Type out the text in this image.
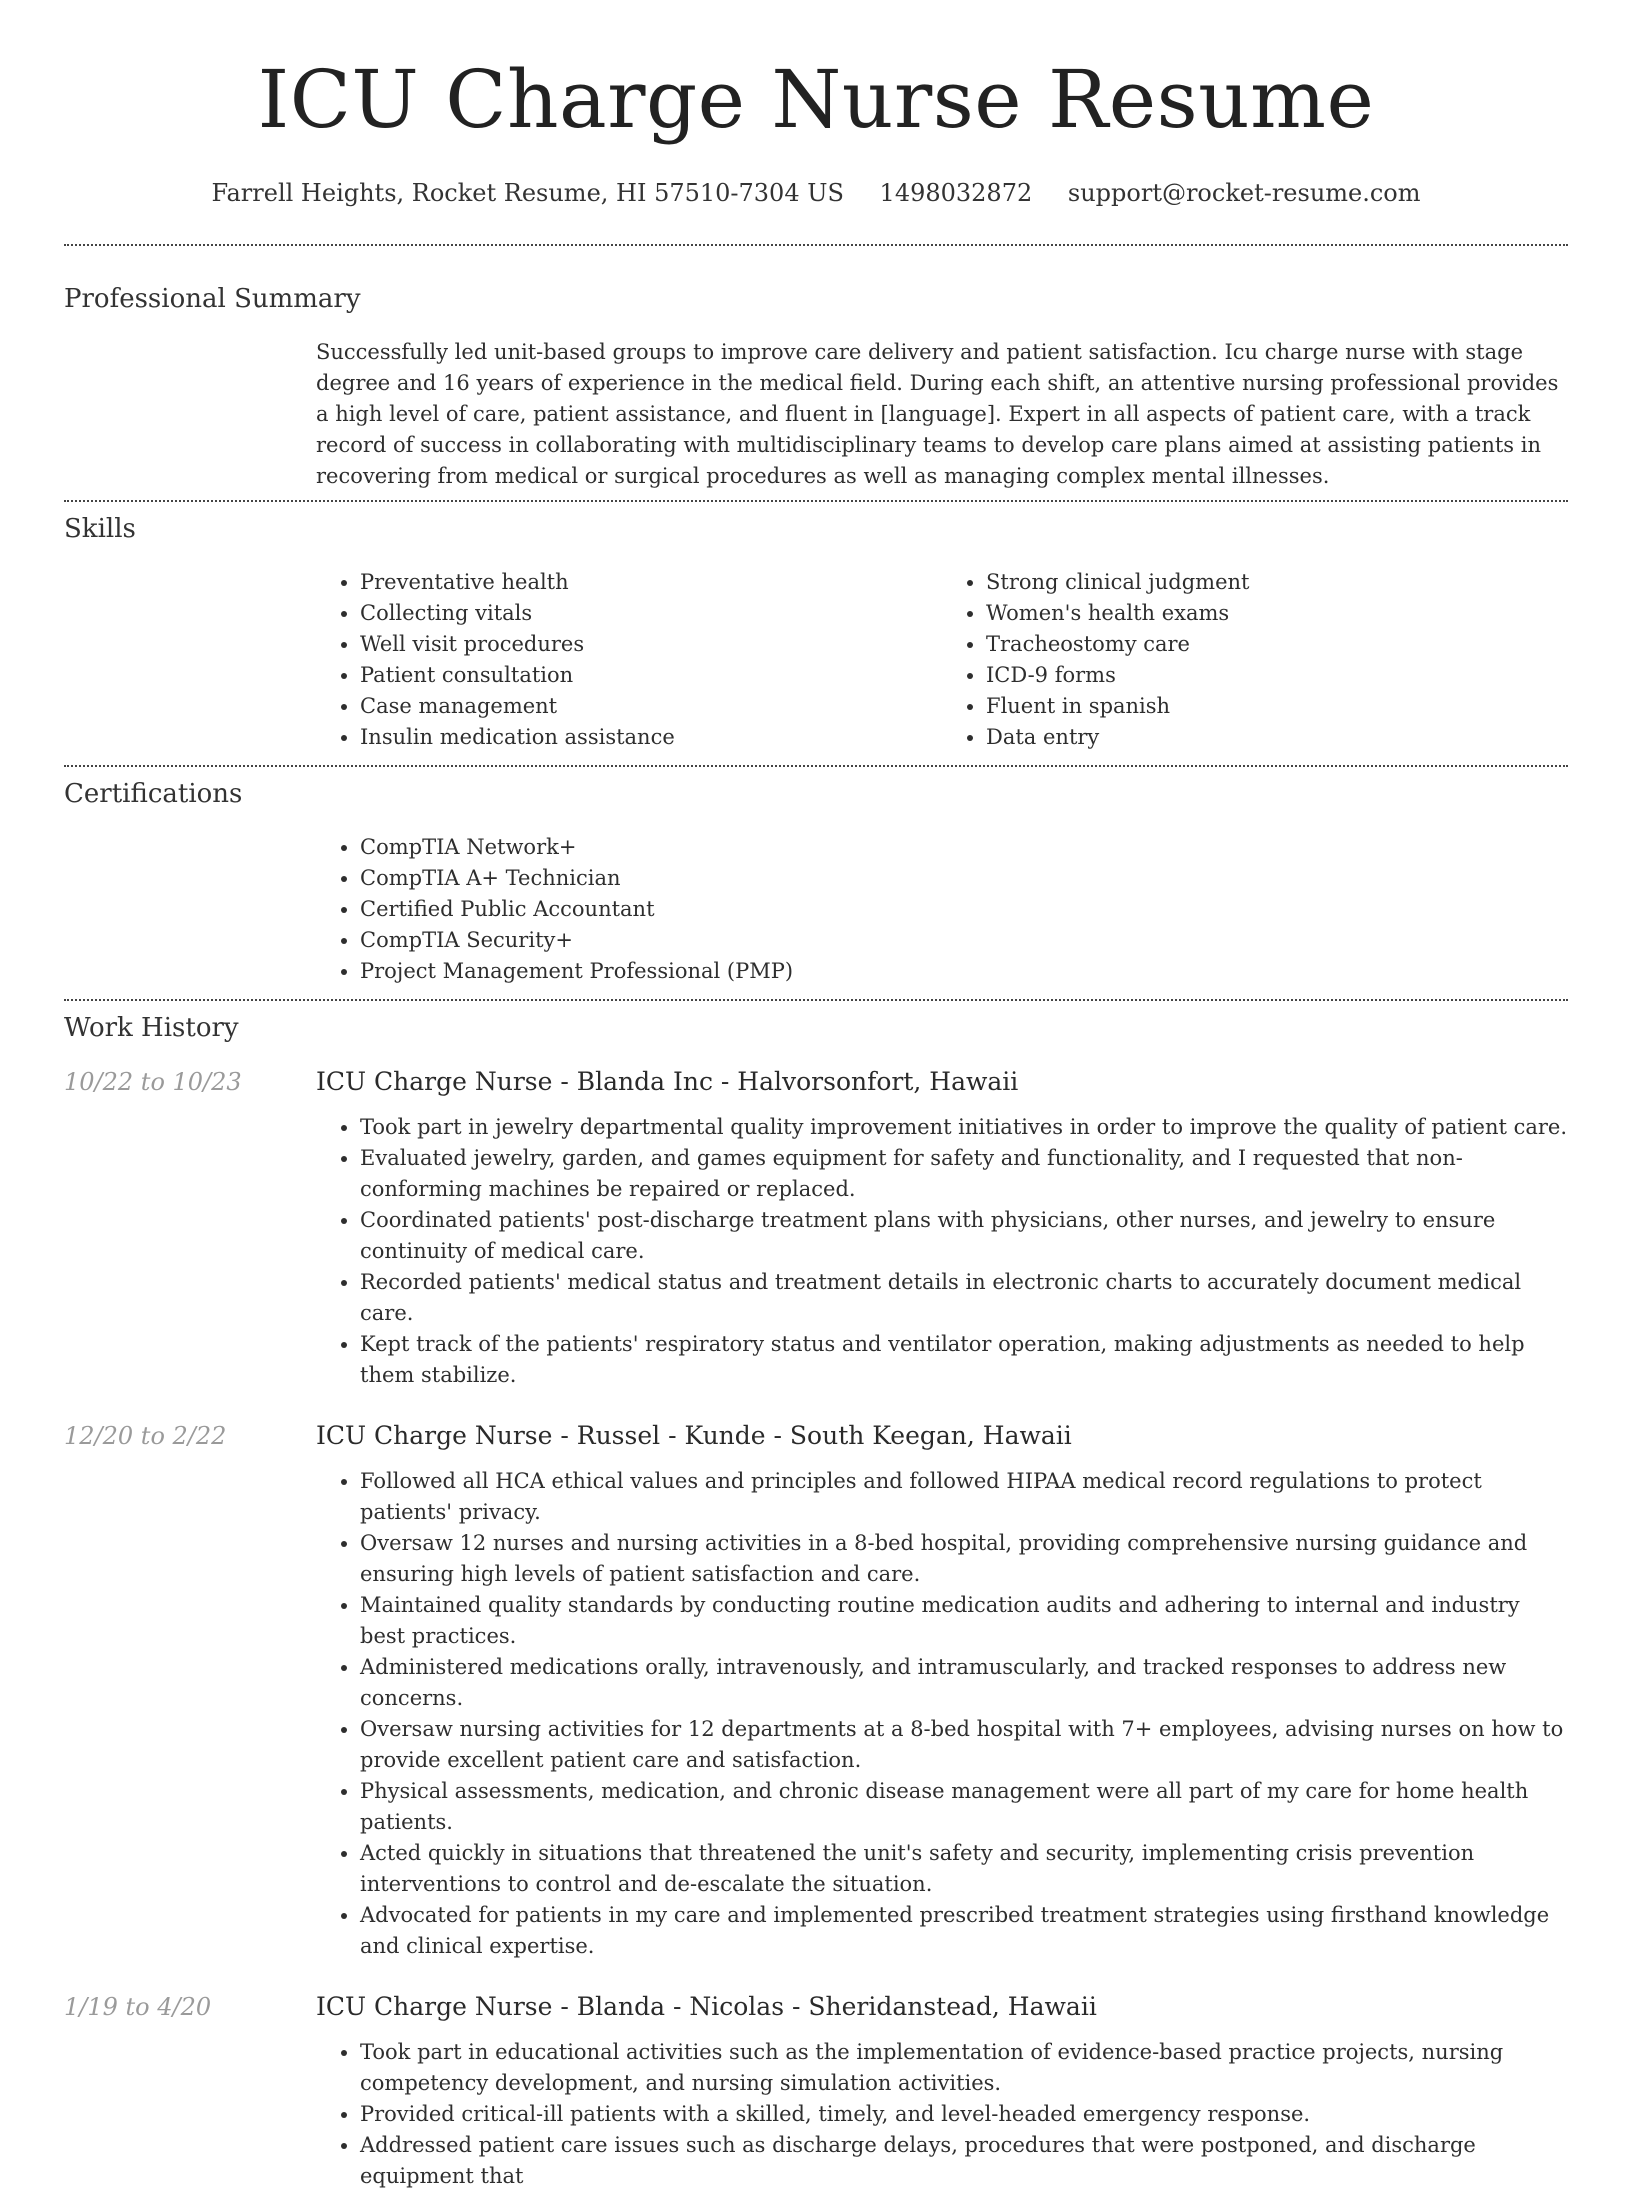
ICU Charge Nurse Resume
Farrell Heights, Rocket Resume, HI 57510-7304 US 1498032872 support@rocket-resume.com
Professional Summary

Successfully led unit-based groups to improve care delivery and patient satisfaction. Icu charge nurse with stage degree and 16 years of experience in the medical field. During each shift, an attentive nursing professional provides a high level of care, patient assistance, and fluent in [language]. Expert in all aspects of patient care, with a track record of success in collaborating with multidisciplinary teams to develop care plans aimed at assisting patients in recovering from medical or surgical procedures as well as managing complex mental illnesses.

Skills
• Preventative health
• Collecting vitals
• Well visit procedures
• Patient consultation
• Case management
• Insulin medication assistance
• Strong clinical judgment
• Women's health exams
• Tracheostomy care
• ICD-9 forms
• Fluent in spanish
• Data entry
Certifications
• CompTIA Network+
• CompTIA A+ Technician
• Certified Public Accountant
• CompTIA Security+
• Project Management Professional (PMP)
Work History
10/22 to 10/23	ICU Charge Nurse - Blanda Inc - Halvorsonfort, Hawaii
• Took part in jewelry departmental quality improvement initiatives in order to improve the quality of patient care.
• Evaluated jewelry, garden, and games equipment for safety and functionality, and I requested that non-conforming machines be repaired or replaced.
• Coordinated patients' post-discharge treatment plans with physicians, other nurses, and jewelry to ensure continuity of medical care.
• Recorded patients' medical status and treatment details in electronic charts to accurately document medical care.
• Kept track of the patients' respiratory status and ventilator operation, making adjustments as needed to help them stabilize.
12/20 to 2/22	ICU Charge Nurse - Russel - Kunde - South Keegan, Hawaii
• Followed all HCA ethical values and principles and followed HIPAA medical record regulations to protect patients' privacy.
• Oversaw 12 nurses and nursing activities in a 8-bed hospital, providing comprehensive nursing guidance and ensuring high levels of patient satisfaction and care.
• Maintained quality standards by conducting routine medication audits and adhering to internal and industry best practices.
• Administered medications orally, intravenously, and intramuscularly, and tracked responses to address new concerns.
• Oversaw nursing activities for 12 departments at a 8-bed hospital with 7+ employees, advising nurses on how to provide excellent patient care and satisfaction.
• Physical assessments, medication, and chronic disease management were all part of my care for home health patients.
• Acted quickly in situations that threatened the unit's safety and security, implementing crisis prevention interventions to control and de-escalate the situation.
• Advocated for patients in my care and implemented prescribed treatment strategies using firsthand knowledge and clinical expertise.
1/19 to 4/20	ICU Charge Nurse - Blanda - Nicolas - Sheridanstead, Hawaii
• Took part in educational activities such as the implementation of evidence-based practice projects, nursing competency development, and nursing simulation activities.
• Provided critical-ill patients with a skilled, timely, and level-headed emergency response.
• Addressed patient care issues such as discharge delays, procedures that were postponed, and discharge equipment that
